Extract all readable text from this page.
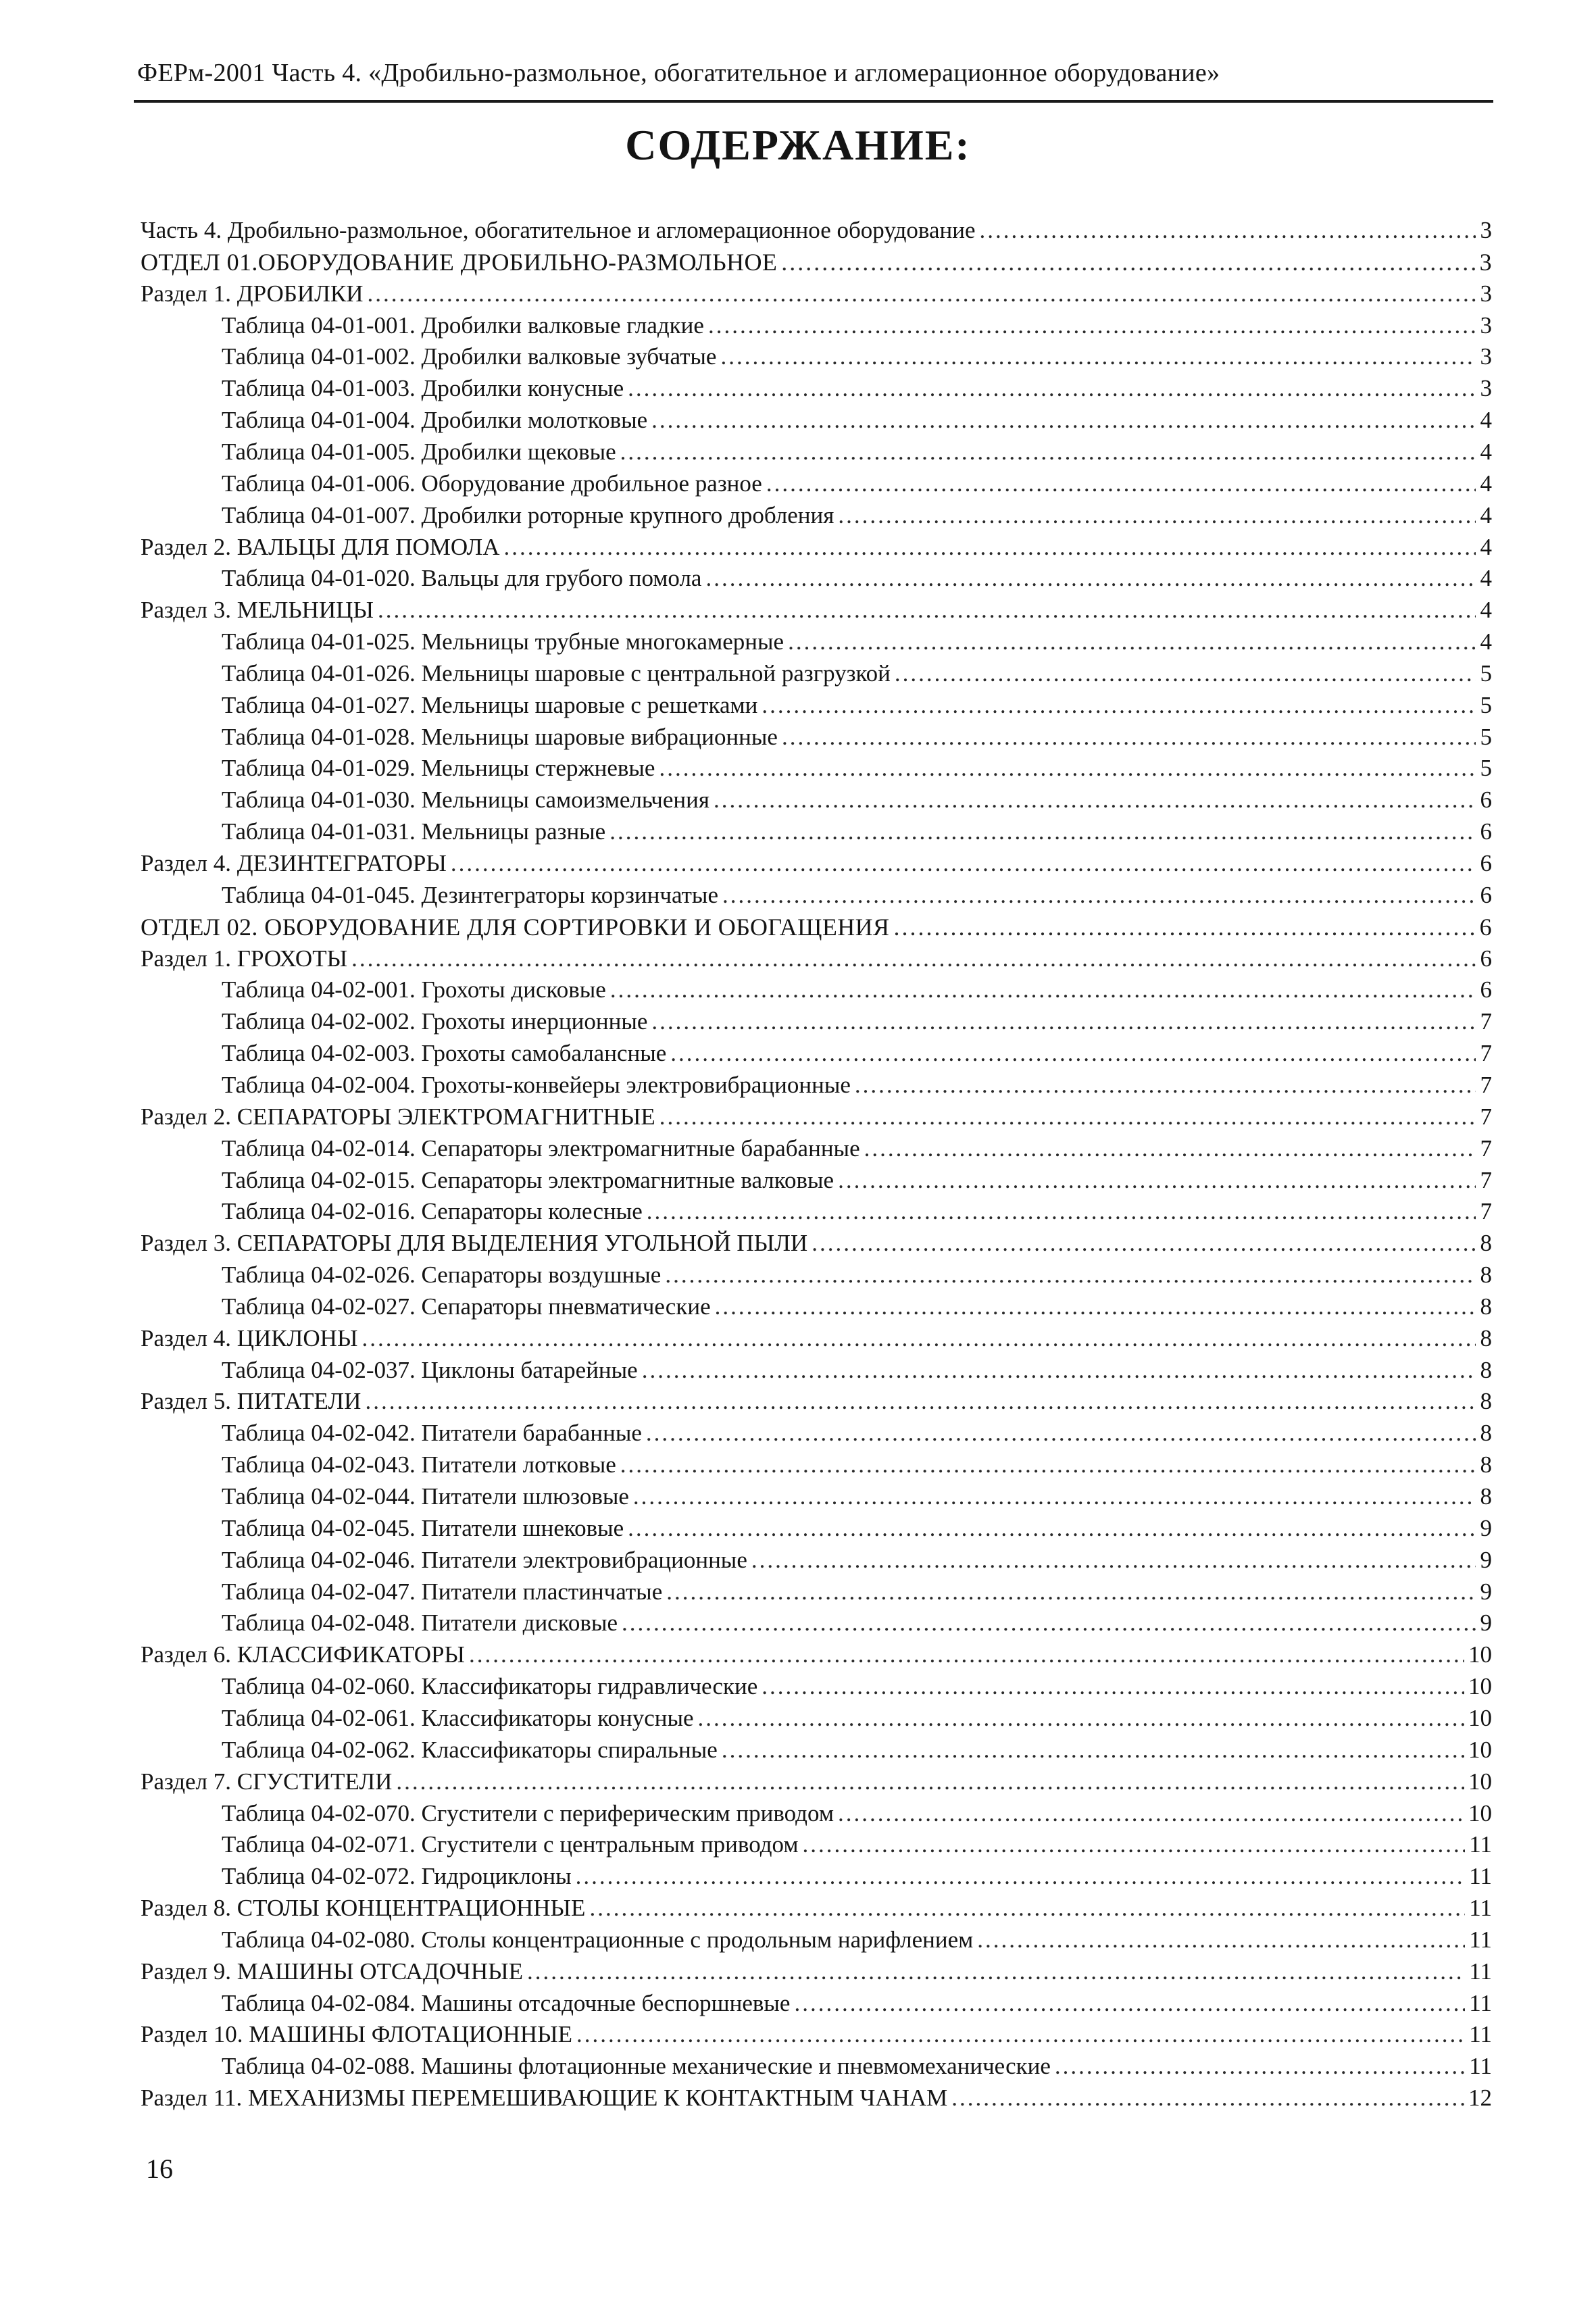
ФЕРм-2001 Часть 4. «Дробильно-размольное, обогатительное и агломерационное оборудование»
СОДЕРЖАНИЕ:
Часть 4. Дробильно-размольное, обогатительное и агломерационное оборудование .....	3
ОТДЕЛ 01.ОБОРУДОВАНИЕ ДРОБИЛЬНО-РАЗМОЛЬНОЕ .....	3
Раздел 1. ДРОБИЛКИ .....	3
Таблица 04-01-001. Дробилки валковые гладкие .....	3
Таблица 04-01-002. Дробилки валковые зубчатые .....	3
Таблица 04-01-003. Дробилки конусные .....	3
Таблица 04-01-004. Дробилки молотковые .....	4
Таблица 04-01-005. Дробилки щековые .....	4
Таблица 04-01-006. Оборудование дробильное разное .....	4
Таблица 04-01-007. Дробилки роторные крупного дробления .....	4
Раздел 2. ВАЛЬЦЫ ДЛЯ ПОМОЛА .....	4
Таблица 04-01-020. Вальцы для грубого помола .....	4
Раздел 3. МЕЛЬНИЦЫ .....	4
Таблица 04-01-025. Мельницы трубные многокамерные .....	4
Таблица 04-01-026. Мельницы шаровые с центральной разгрузкой .....	5
Таблица 04-01-027. Мельницы шаровые с решетками .....	5
Таблица 04-01-028. Мельницы шаровые вибрационные .....	5
Таблица 04-01-029. Мельницы стержневые .....	5
Таблица 04-01-030. Мельницы самоизмельчения .....	6
Таблица 04-01-031. Мельницы разные .....	6
Раздел 4. ДЕЗИНТЕГРАТОРЫ .....	6
Таблица 04-01-045. Дезинтеграторы корзинчатые .....	6
ОТДЕЛ 02. ОБОРУДОВАНИЕ ДЛЯ СОРТИРОВКИ И ОБОГАЩЕНИЯ .....	6
Раздел 1. ГРОХОТЫ .....	6
Таблица 04-02-001. Грохоты дисковые .....	6
Таблица 04-02-002. Грохоты инерционные .....	7
Таблица 04-02-003. Грохоты самобалансные .....	7
Таблица 04-02-004. Грохоты-конвейеры электровибрационные .....	7
Раздел 2. СЕПАРАТОРЫ ЭЛЕКТРОМАГНИТНЫЕ .....	7
Таблица 04-02-014. Сепараторы электромагнитные барабанные .....	7
Таблица 04-02-015. Сепараторы электромагнитные валковые .....	7
Таблица 04-02-016. Сепараторы колесные .....	7
Раздел 3. СЕПАРАТОРЫ ДЛЯ ВЫДЕЛЕНИЯ УГОЛЬНОЙ ПЫЛИ .....	8
Таблица 04-02-026. Сепараторы воздушные .....	8
Таблица 04-02-027. Сепараторы пневматические .....	8
Раздел 4. ЦИКЛОНЫ .....	8
Таблица 04-02-037. Циклоны батарейные .....	8
Раздел 5. ПИТАТЕЛИ .....	8
Таблица 04-02-042. Питатели барабанные .....	8
Таблица 04-02-043. Питатели лотковые .....	8
Таблица 04-02-044. Питатели шлюзовые .....	8
Таблица 04-02-045. Питатели шнековые .....	9
Таблица 04-02-046. Питатели электровибрационные .....	9
Таблица 04-02-047. Питатели пластинчатые .....	9
Таблица 04-02-048. Питатели дисковые .....	9
Раздел 6. КЛАССИФИКАТОРЫ .....	10
Таблица 04-02-060. Классификаторы гидравлические .....	10
Таблица 04-02-061. Классификаторы конусные .....	10
Таблица 04-02-062. Классификаторы спиральные .....	10
Раздел 7. СГУСТИТЕЛИ .....	10
Таблица 04-02-070. Сгустители с периферическим приводом .....	10
Таблица 04-02-071. Сгустители с центральным приводом .....	11
Таблица 04-02-072. Гидроциклоны .....	11
Раздел 8. СТОЛЫ КОНЦЕНТРАЦИОННЫЕ .....	11
Таблица 04-02-080. Столы концентрационные с продольным нарифлением .....	11
Раздел 9. МАШИНЫ ОТСАДОЧНЫЕ .....	11
Таблица 04-02-084. Машины отсадочные беспоршневые .....	11
Раздел 10. МАШИНЫ ФЛОТАЦИОННЫЕ .....	11
Таблица 04-02-088. Машины флотационные механические и пневмомеханические .....	11
Раздел 11. МЕХАНИЗМЫ ПЕРЕМЕШИВАЮЩИЕ К КОНТАКТНЫМ ЧАНАМ .....	12
16
